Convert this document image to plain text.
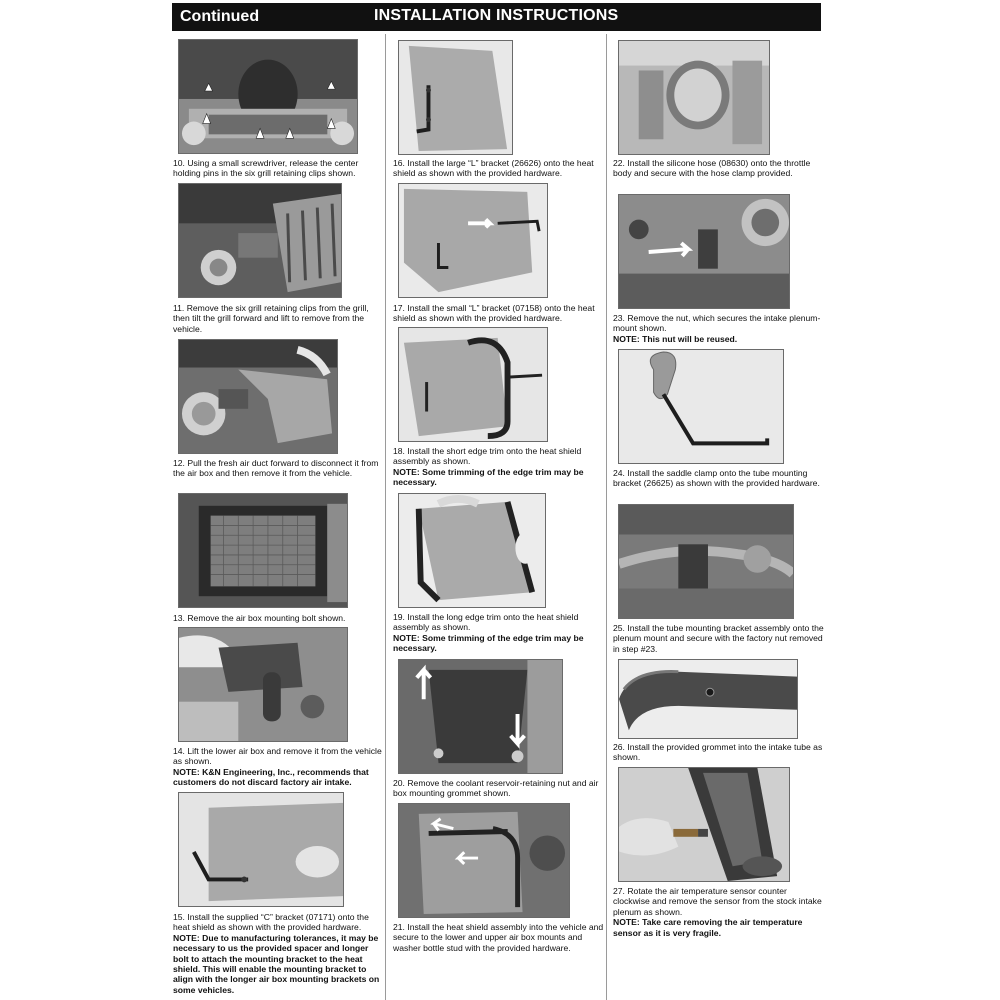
Continued	INSTALLATION INSTRUCTIONS
10. Using a small screwdriver, release the center holding pins in the six grill retaining clips shown.
11. Remove the six grill retaining clips from the grill, then tilt the grill forward and lift to remove from the vehicle.
12. Pull the fresh air duct forward to disconnect it from the air box and then remove it from the vehicle.
13. Remove the air box mounting bolt shown.
14. Lift the lower air box and remove it from the vehicle as shown.
NOTE: K&N Engineering, Inc., recommends that customers do not discard factory air intake.
15. Install the supplied “C” bracket (07171) onto the heat shield as shown with the provided hardware.
NOTE: Due to manufacturing tolerances, it may be necessary to us the provided spacer and longer bolt to attach the mounting bracket to the heat shield. This will enable the mounting bracket to align with the longer air box mounting brackets on some vehicles.
16. Install the large “L” bracket (26626) onto the heat shield as shown with the provided hardware.
17. Install the small “L” bracket (07158) onto the heat shield as shown with the provided hardware.
18. Install the short edge trim onto the heat shield assembly as shown.
NOTE: Some trimming of the edge trim may be necessary.
19. Install the long edge trim onto the heat shield assembly as shown.
NOTE: Some trimming of the edge trim may be necessary.
20. Remove the coolant reservoir-retaining nut and air box mounting grommet shown.
21. Install the heat shield assembly into the vehicle and secure to the lower and upper air box mounts and washer bottle stud with the provided hardware.
22. Install the silicone hose (08630) onto the throttle body and secure with the hose clamp provided.
23. Remove the nut, which secures the intake plenum-mount shown.
NOTE: This nut will be reused.
24. Install the saddle clamp onto the tube mounting bracket (26625) as shown with the provided hardware.
25. Install the tube mounting bracket assembly onto the plenum mount and secure with the factory nut removed in step #23.
26. Install the provided grommet into the intake tube as shown.
27. Rotate the air temperature sensor counter clockwise and remove the sensor from the stock intake plenum as shown.
NOTE: Take care removing the air temperature sensor as it is very fragile.
